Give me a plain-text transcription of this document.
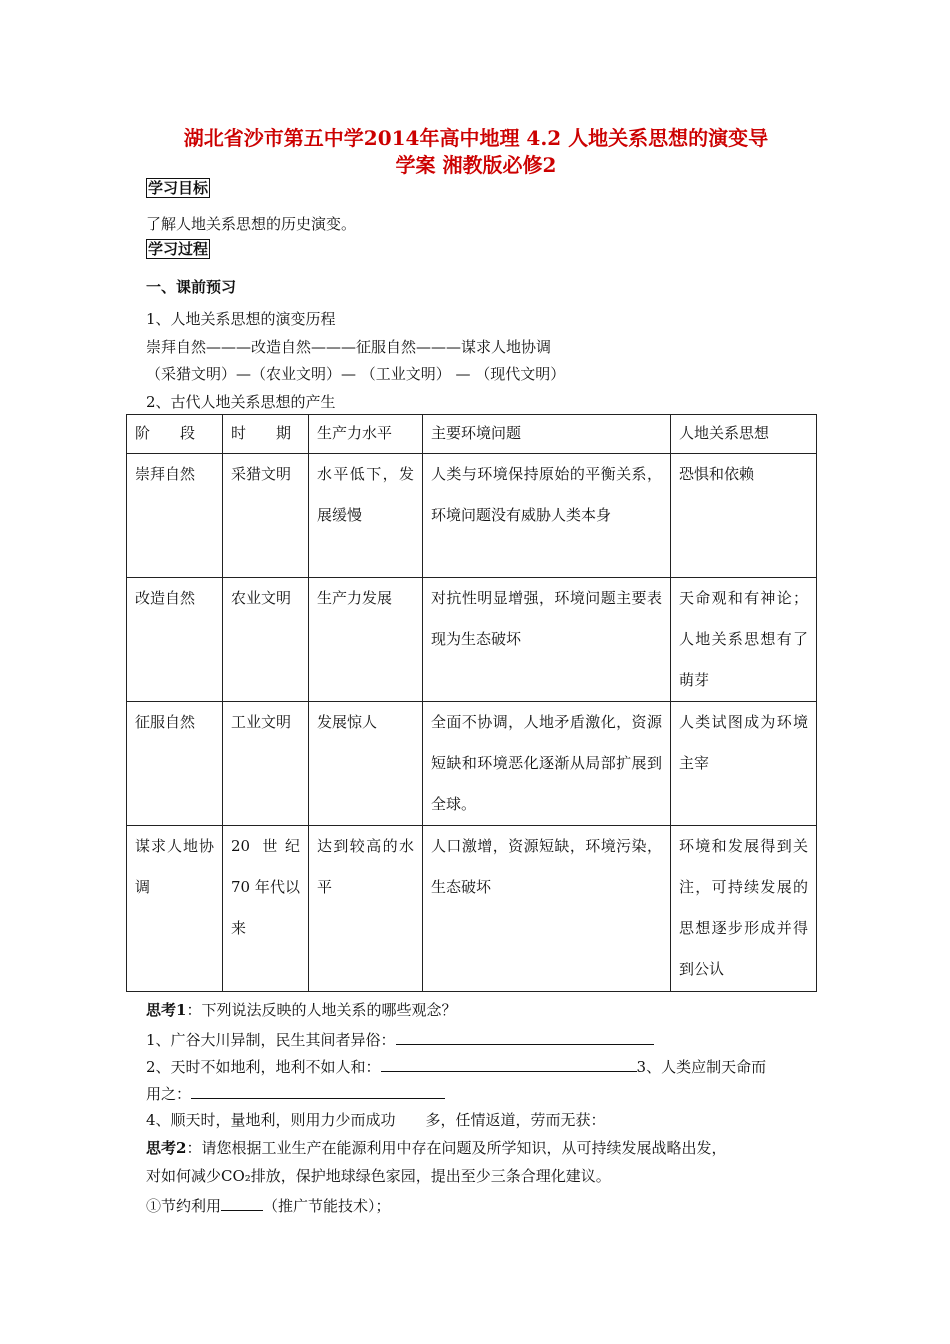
湖北省沙市第五中学2014年高中地理 4.2 人地关系思想的演变导
学案 湘教版必修2
学习目标
了解人地关系思想的历史演变。
学习过程
一、课前预习
1、人地关系思想的演变历程
崇拜自然———改造自然———征服自然———谋求人地协调
（采猎文明）—（农业文明）— （工业文明） — （现代文明）
2、古代人地关系思想的产生
阶　　段	时　　期	生产力水平	主要环境问题	人地关系思想
崇拜自然	采猎文明	水平低下，发展缓慢	人类与环境保持原始的平衡关系，环境问题没有威胁人类本身	恐惧和依赖
改造自然	农业文明	生产力发展	对抗性明显增强，环境问题主要表现为生态破坏	天命观和有神论；人地关系思想有了萌芽
征服自然	工业文明	发展惊人	全面不协调，人地矛盾激化，资源短缺和环境恶化逐渐从局部扩展到全球。	人类试图成为环境主宰
谋求人地协调	20 世纪 70 年代以来	达到较高的水平	人口激增，资源短缺，环境污染，生态破坏	环境和发展得到关注，可持续发展的思想逐步形成并得到公认
思考1：下列说法反映的人地关系的哪些观念？
1、广谷大川异制，民生其间者异俗：
2、天时不如地利，地利不如人和：	3、人类应制天命而
用之：
4、顺天时，量地利，则用力少而成功　　多，任情返道，劳而无获：
思考2：请您根据工业生产在能源利用中存在问题及所学知识，从可持续发展战略出发，
对如何减少CO₂排放，保护地球绿色家园，提出至少三条合理化建议。
①节约利用	（推广节能技术）；
